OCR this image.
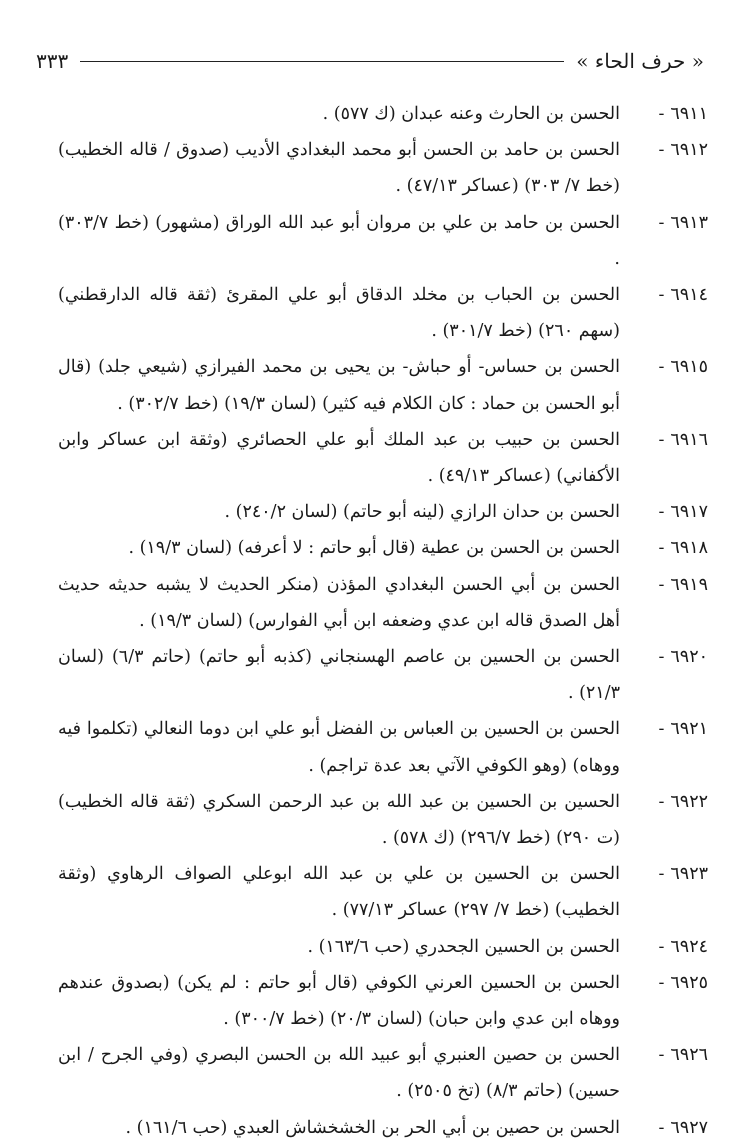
« حرف الحاء »
٣٣٣
٦٩١١-
الحسن بن الحارث وعنه عبدان (ك ٥٧٧) .
٦٩١٢-
الحسن بن حامد بن الحسن أبو محمد البغدادي الأديب (صدوق / قاله الخطيب) (خط ٧/ ٣٠٣) (عساكر ٤٧/١٣) .
٦٩١٣-
الحسن بن حامد بن علي بن مروان أبو عبد الله الوراق (مشهور) (خط ٣٠٣/٧) .
٦٩١٤-
الحسن بن الحباب بن مخلد الدقاق أبو علي المقرئ (ثقة قاله الدارقطني) (سهم ٢٦٠) (خط ٣٠١/٧) .
٦٩١٥-
الحسن بن حساس- أو حباش- بن يحيى بن محمد الفيرازي (شيعي جلد) (قال أبو الحسن بن حماد : كان الكلام فيه كثير) (لسان ١٩/٣) (خط ٣٠٢/٧) .
٦٩١٦-
الحسن بن حبيب بن عبد الملك أبو علي الحصائري (وثقة ابن عساكر وابن الأكفاني) (عساكر ٤٩/١٣) .
٦٩١٧-
الحسن بن حدان الرازي (لينه أبو حاتم) (لسان ٢٤٠/٢) .
٦٩١٨-
الحسن بن الحسن بن عطية (قال أبو حاتم : لا أعرفه) (لسان ١٩/٣) .
٦٩١٩-
الحسن بن أبي الحسن البغدادي المؤذن (منكر الحديث لا يشبه حديثه حديث أهل الصدق قاله ابن عدي وضعفه ابن أبي الفوارس) (لسان ١٩/٣) .
٦٩٢٠-
الحسن بن الحسين بن عاصم الهسنجاني (كذبه أبو حاتم) (حاتم ٦/٣) (لسان ٢١/٣) .
٦٩٢١-
الحسن بن الحسين بن العباس بن الفضل أبو علي ابن دوما النعالي (تكلموا فيه ووهاه) (وهو الكوفي الآتي بعد عدة تراجم) .
٦٩٢٢-
الحسين بن الحسين بن عبد الله بن عبد الرحمن السكري (ثقة قاله الخطيب) (ت ٢٩٠) (خط ٢٩٦/٧) (ك ٥٧٨) .
٦٩٢٣-
الحسن بن الحسين بن علي بن عبد الله ابوعلي الصواف الرهاوي (وثقة الخطيب) (خط ٧/ ٢٩٧) عساكر ٧٧/١٣) .
٦٩٢٤-
الحسن بن الحسين الجحدري (حب ١٦٣/٦) .
٦٩٢٥-
الحسن بن الحسين العرني الكوفي (قال أبو حاتم : لم يكن) (بصدوق عندهم ووهاه ابن عدي وابن حبان) (لسان ٢٠/٣) (خط ٣٠٠/٧) .
٦٩٢٦-
الحسن بن حصين العنبري أبو عبيد الله بن الحسن البصري (وفي الجرح / ابن حسين) (حاتم ٨/٣) (تخ ٢٥٠٥) .
٦٩٢٧-
الحسن بن حصين بن أبي الحر بن الخشخشاش العبدي (حب ١٦١/٦) .
